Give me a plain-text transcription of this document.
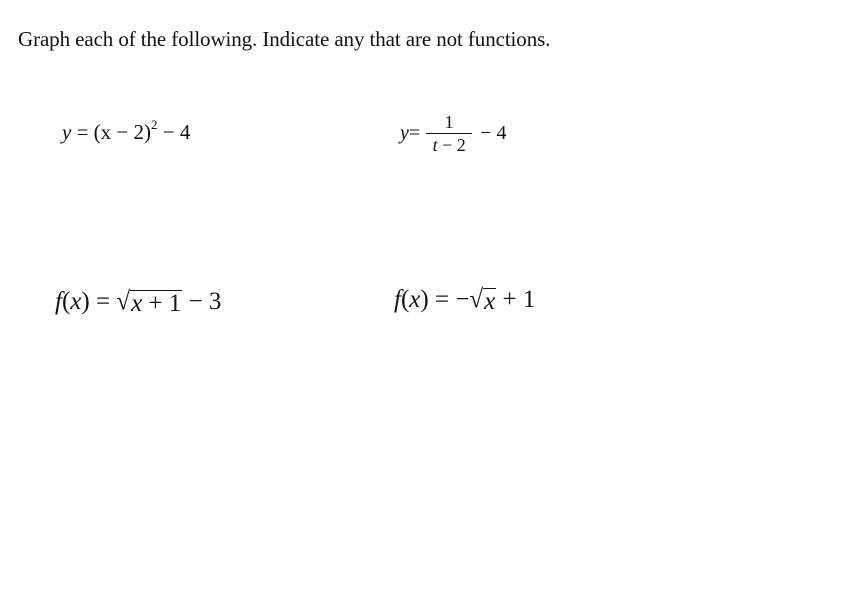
Graph each of the following. Indicate any that are not functions.
$y = (x - 2)^2 - 4$	$y = \frac{1}{t - 2} - 4$
f(x) = √x + 1 − 3	f(x) = −√x + 1
